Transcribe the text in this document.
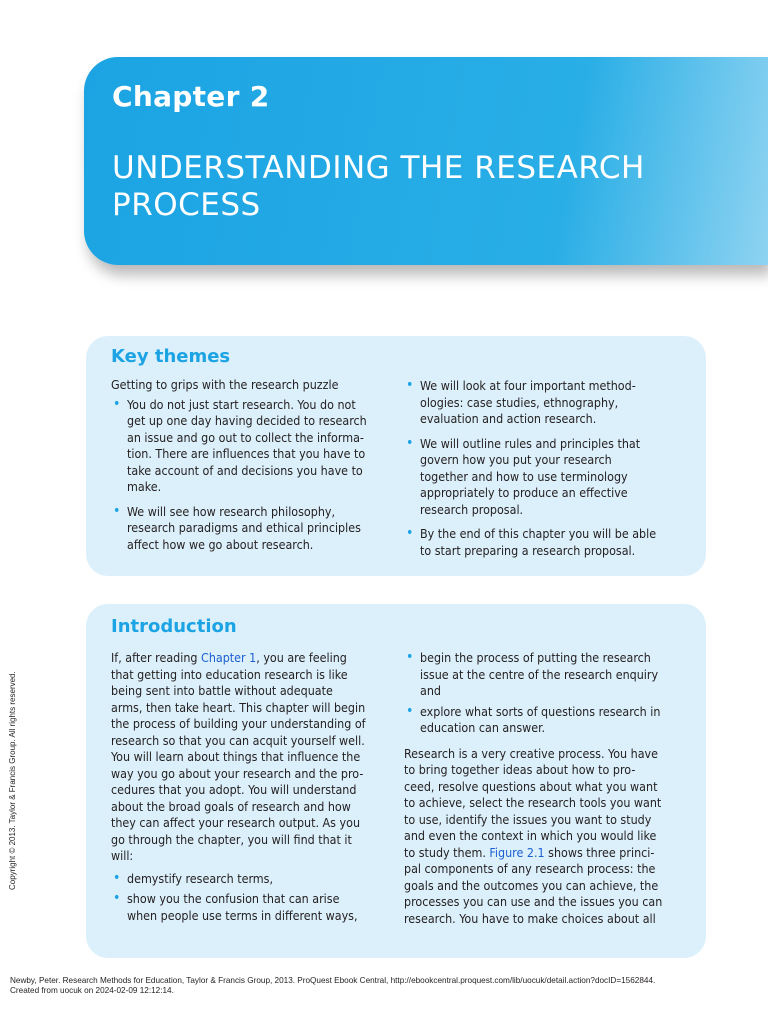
Chapter 2
UNDERSTANDING THE RESEARCH
PROCESS
Key themes

Getting to grips with the research puzzle

• You do not just start research. You do not
get up one day having decided to research
an issue and go out to collect the informa-
tion. There are influences that you have to
take account of and decisions you have to
make.
• We will see how research philosophy,
research paradigms and ethical principles
affect how we go about research.
• We will look at four important method-
ologies: case studies, ethnography,
evaluation and action research.
• We will outline rules and principles that
govern how you put your research
together and how to use terminology
appropriately to produce an effective
research proposal.
• By the end of this chapter you will be able
to start preparing a research proposal.
Introduction
If, after reading Chapter 1, you are feeling
that getting into education research is like
being sent into battle without adequate
arms, then take heart. This chapter will begin
the process of building your understanding of
research so that you can acquit yourself well.
You will learn about things that influence the
way you go about your research and the pro-
cedures that you adopt. You will understand
about the broad goals of research and how
they can affect your research output. As you
go through the chapter, you will find that it
will:
• demystify research terms,
• show you the confusion that can arise
when people use terms in different ways,
• begin the process of putting the research
issue at the centre of the research enquiry
and
• explore what sorts of questions research in
education can answer.
Research is a very creative process. You have
to bring together ideas about how to pro-
ceed, resolve questions about what you want
to achieve, select the research tools you want
to use, identify the issues you want to study
and even the context in which you would like
to study them. Figure 2.1 shows three princi-
pal components of any research process: the
goals and the outcomes you can achieve, the
processes you can use and the issues you can
research. You have to make choices about all
Copyright © 2013. Taylor & Francis Group. All rights reserved.
Newby, Peter. Research Methods for Education, Taylor & Francis Group, 2013. ProQuest Ebook Central, http://ebookcentral.proquest.com/lib/uocuk/detail.action?docID=1562844.
Created from uocuk on 2024-02-09 12:12:14.
